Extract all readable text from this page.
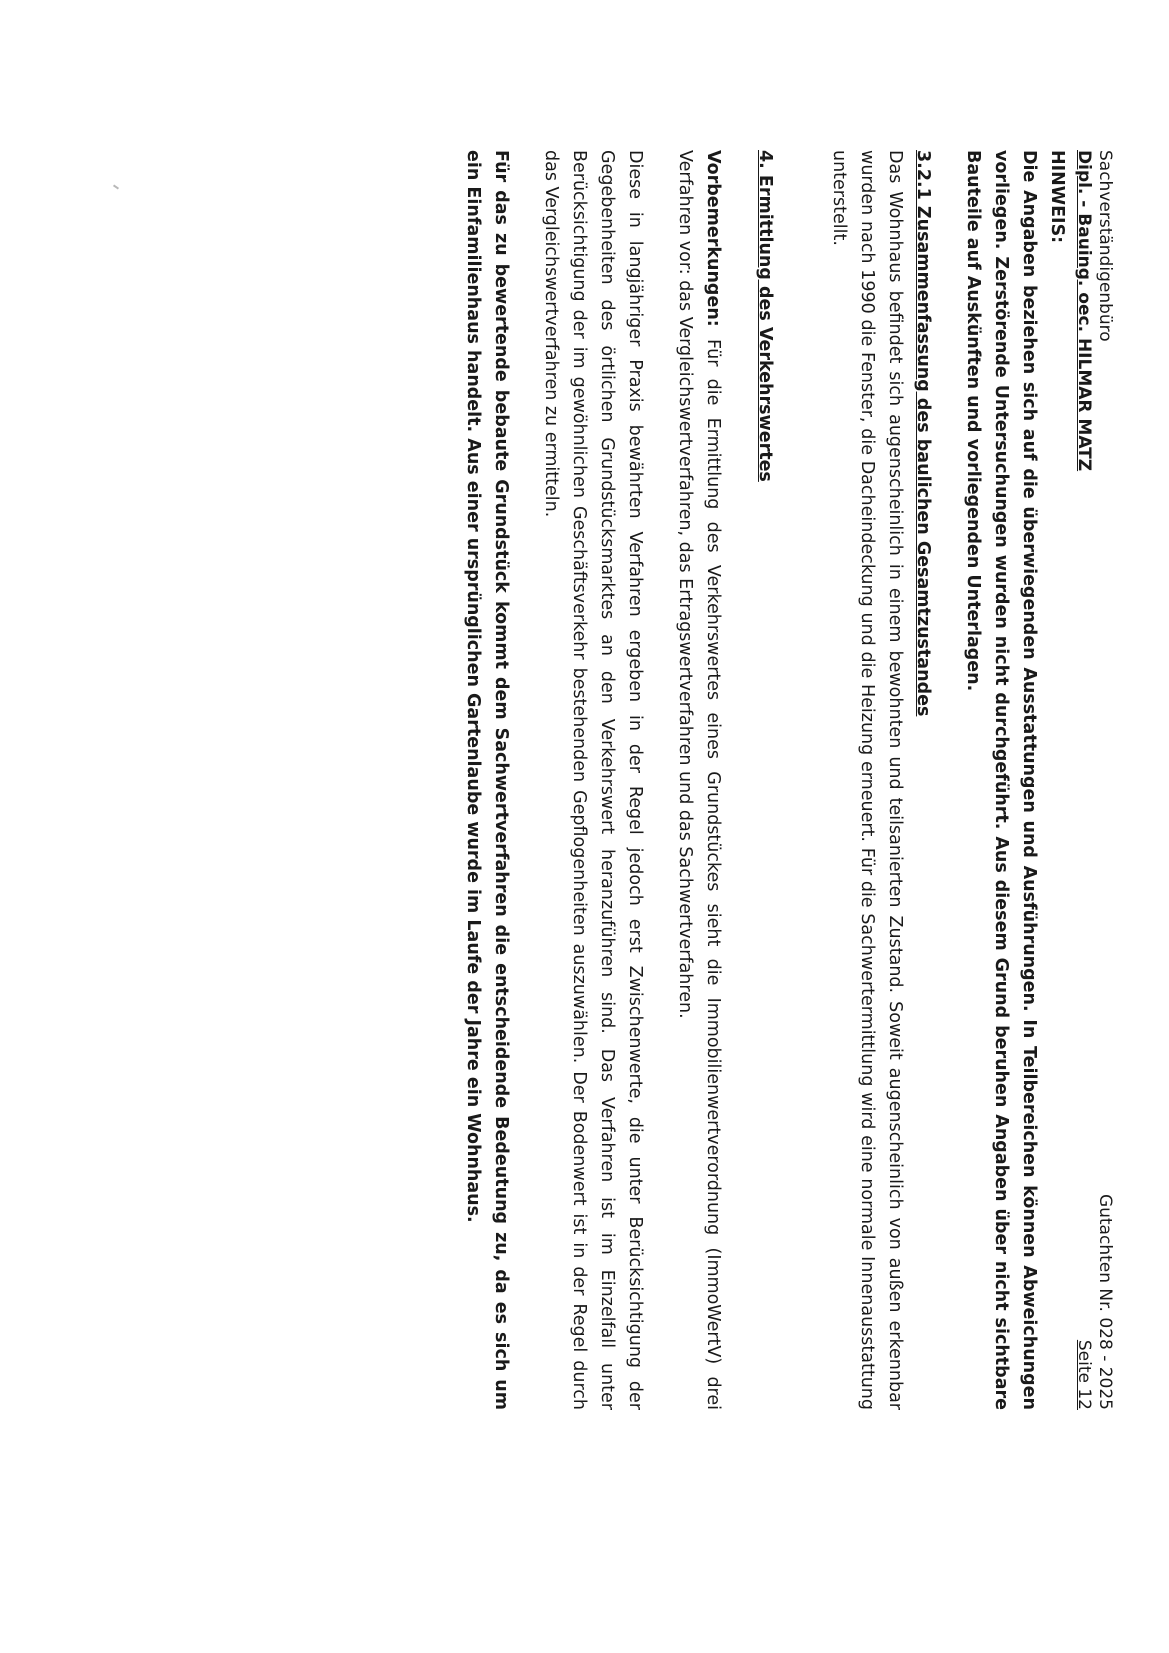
Sachverständigenbüro
Dipl. - Bauing. oec. HILMAR MATZ
Gutachten Nr. 028 - 2025
Seite 12

HINWEIS:

Die Angaben beziehen sich auf die überwiegenden Ausstattungen und Ausführungen. In Teilbereichen können Abweichungen vorliegen. Zerstörende Untersuchungen wurden nicht durchgeführt. Aus diesem Grund beruhen Angaben über nicht sichtbare Bauteile auf Auskünften und vorliegenden Unterlagen.

3.2.1 Zusammenfassung des baulichen Gesamtzustandes

Das Wohnhaus befindet sich augenscheinlich in einem bewohnten und teilsanierten Zustand. Soweit augenscheinlich von außen erkennbar wurden nach 1990 die Fenster, die Dacheindeckung und die Heizung erneuert. Für die Sachwertermittlung wird eine normale Innenausstattung unterstellt.

4. Ermittlung des Verkehrswertes

Vorbemerkungen: Für die Ermittlung des Verkehrswertes eines Grundstückes sieht die Immobilienwertverordnung (ImmoWertV) drei Verfahren vor: das Vergleichswertverfahren, das Ertragswertverfahren und das Sachwertverfahren.

Diese in langjähriger Praxis bewährten Verfahren ergeben in der Regel jedoch erst Zwischenwerte, die unter Berücksichtigung der Gegebenheiten des örtlichen Grundstücksmarktes an den Verkehrswert heranzuführen sind. Das Verfahren ist im Einzelfall unter Berücksichtigung der im gewöhnlichen Geschäftsverkehr bestehenden Gepflogenheiten auszuwählen. Der Bodenwert ist in der Regel durch das Vergleichswertverfahren zu ermitteln.

Für das zu bewertende bebaute Grundstück kommt dem Sachwertverfahren die entscheidende Bedeutung zu, da es sich um ein Einfamilienhaus handelt. Aus einer ursprünglichen Gartenlaube wurde im Laufe der Jahre ein Wohnhaus.
